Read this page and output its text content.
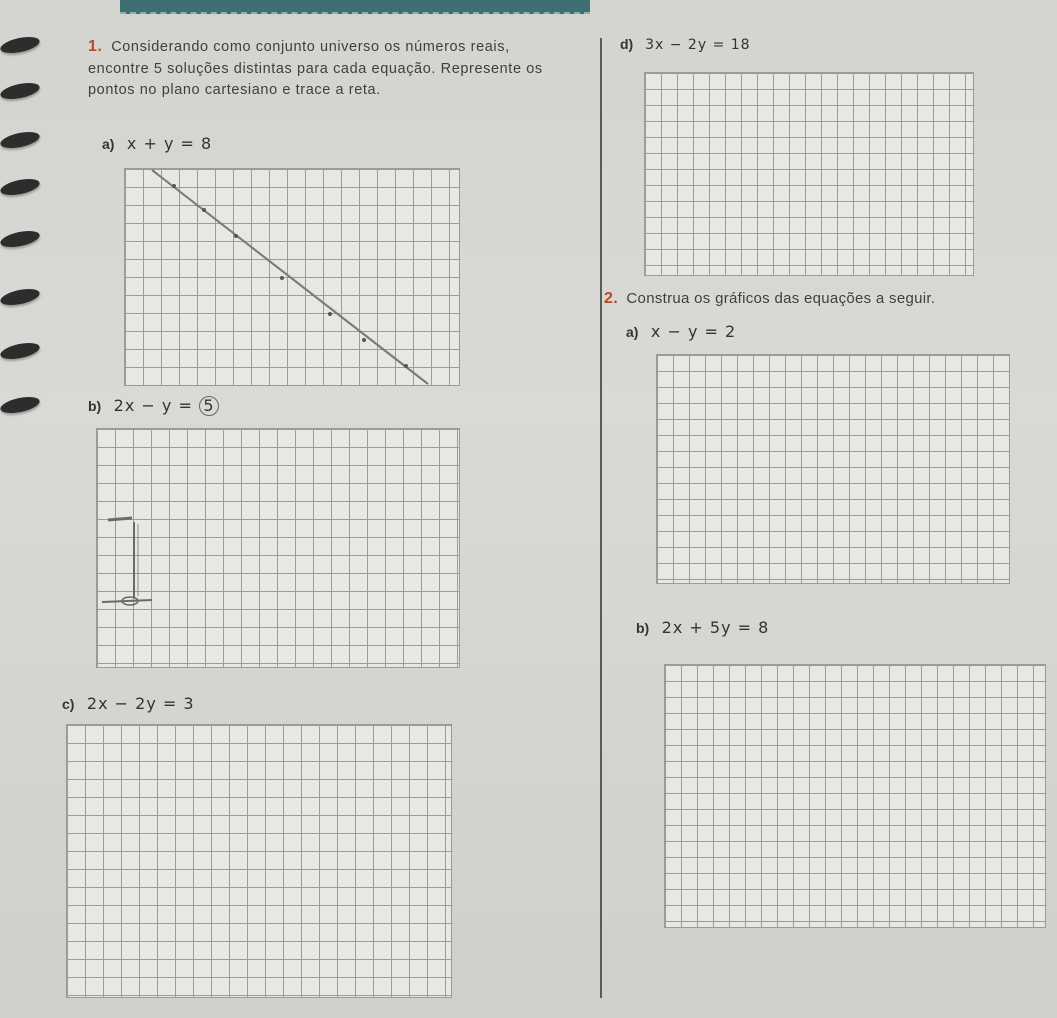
1. Considerando como conjunto universo os números reais, encontre 5 soluções distintas para cada equação. Represente os pontos no plano cartesiano e trace a reta.
a) x + y = 8
b) 2x − y = 5
c) 2x − 2y = 3
d) 3x − 2y = 18
2. Construa os gráficos das equações a seguir.
a) x − y = 2
b) 2x + 5y = 8
